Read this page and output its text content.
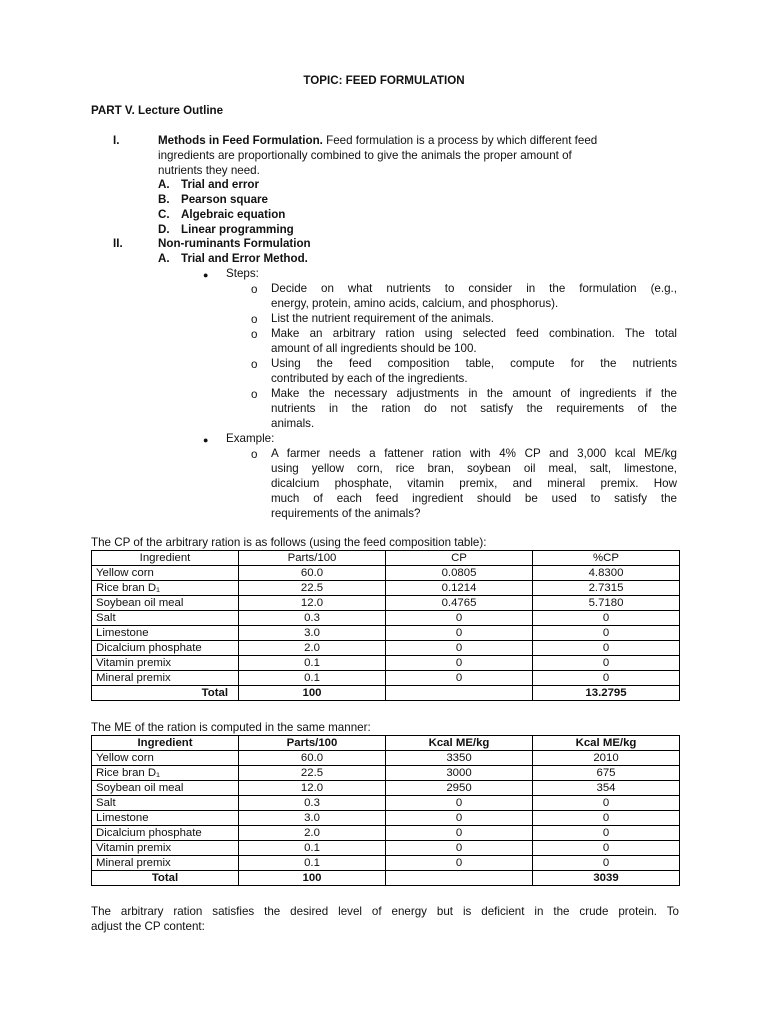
TOPIC: FEED FORMULATION
PART V. Lecture Outline
I.	Methods in Feed Formulation. Feed formulation is a process by which different feed
ingredients are proportionally combined to give the animals the proper amount of
nutrients they need.
A. Trial and error
B. Pearson square
C. Algebraic equation
D. Linear programming
II.	Non-ruminants Formulation
A. Trial and Error Method.
● Steps:
o Decide on what nutrients to consider in the formulation (e.g.,
energy, protein, amino acids, calcium, and phosphorus).
o List the nutrient requirement of the animals.
o Make an arbitrary ration using selected feed combination. The total
amount of all ingredients should be 100.
o Using the feed composition table, compute for the nutrients
contributed by each of the ingredients.
o Make the necessary adjustments in the amount of ingredients if the
nutrients in the ration do not satisfy the requirements of the
animals.
● Example:
o A farmer needs a fattener ration with 4% CP and 3,000 kcal ME/kg
using yellow corn, rice bran, soybean oil meal, salt, limestone,
dicalcium phosphate, vitamin premix, and mineral premix. How
much of each feed ingredient should be used to satisfy the
requirements of the animals?
The CP of the arbitrary ration is as follows (using the feed composition table):
Ingredient	Parts/100	CP	%CP
Yellow corn	60.0	0.0805	4.8300
Rice bran D₁	22.5	0.1214	2.7315
Soybean oil meal	12.0	0.4765	5.7180
Salt	0.3	0	0
Limestone	3.0	0	0
Dicalcium phosphate	2.0	0	0
Vitamin premix	0.1	0	0
Mineral premix	0.1	0	0
Total	100		13.2795
The ME of the ration is computed in the same manner:
Ingredient	Parts/100	Kcal ME/kg	Kcal ME/kg
Yellow corn	60.0	3350	2010
Rice bran D₁	22.5	3000	675
Soybean oil meal	12.0	2950	354
Salt	0.3	0	0
Limestone	3.0	0	0
Dicalcium phosphate	2.0	0	0
Vitamin premix	0.1	0	0
Mineral premix	0.1	0	0
Total	100		3039
The arbitrary ration satisfies the desired level of energy but is deficient in the crude protein. To
adjust the CP content:
